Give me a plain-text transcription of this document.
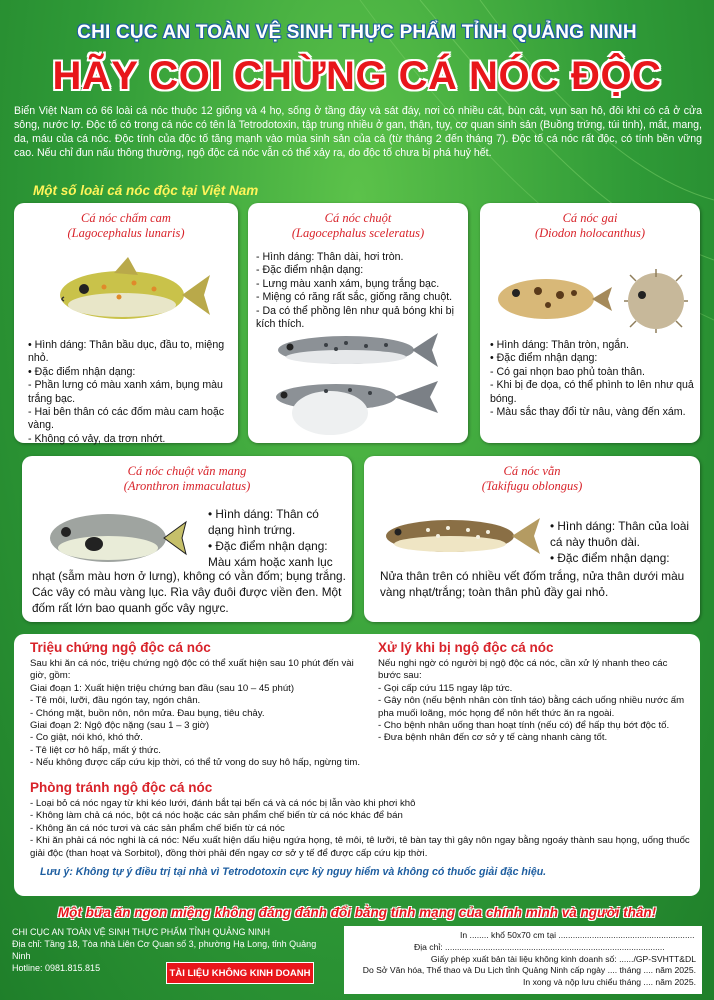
CHI CỤC AN TOÀN VỆ SINH THỰC PHẨM TỈNH QUẢNG NINH
HÃY COI CHỪNG CÁ NÓC ĐỘC
Biển Việt Nam có 66 loài cá nóc thuộc 12 giống và 4 họ, sống ở tầng đáy và sát đáy, nơi có nhiều cát, bùn cát, vụn san hô, đôi khi có cả ở cửa sông, nước lợ. Độc tố có trong cá nóc có tên là Tetrodotoxin, tập trung nhiều ở gan, thận, tụy, cơ quan sinh sản (Buồng trứng, túi tinh), mắt, mang, da, máu của cá nóc. Độc tính của độc tố tăng mạnh vào mùa sinh sản của cá (từ tháng 2 đến tháng 7). Độc tố cá nóc rất độc, có tính bền vững cao. Nếu chỉ đun nấu thông thường, ngộ độc cá nóc vẫn có thể xảy ra, do độc tố chưa bị phá huỷ hết.
Một số loài cá nóc độc tại Việt Nam
Cá nóc chấm cam
(Lagocephalus lunaris)

• Hình dáng: Thân bầu dục, đầu to, miệng nhỏ.

• Đặc điểm nhận dạng:

- Phần lưng có màu xanh xám, bụng màu trắng bạc.

- Hai bên thân có các đốm màu cam hoặc vàng.

- Không có vảy, da trơn nhớt.

Cá nóc chuột
(Lagocephalus sceleratus)

- Hình dáng: Thân dài, hơi tròn.

- Đặc điểm nhận dạng:

- Lưng màu xanh xám, bụng trắng bạc.

- Miệng có răng rất sắc, giống răng chuột.

- Da có thể phồng lên như quả bóng khi bị kích thích.

Cá nóc gai
(Diodon holocanthus)

• Hình dáng: Thân tròn, ngắn.

• Đặc điểm nhận dạng:

- Có gai nhọn bao phủ toàn thân.

- Khi bị đe dọa, có thể phình to lên như quả bóng.

- Màu sắc thay đổi từ nâu, vàng đến xám.

Cá nóc chuột vằn mang
(Aronthron immaculatus)

• Hình dáng: Thân có dạng hình trứng.

• Đặc điểm nhận dạng:

Màu xám hoặc xanh lục

nhạt (sẫm màu hơn ở lưng), không có vằn đốm; bụng trắng. Các vây có màu vàng lục. Rìa vây đuôi được viền đen. Một đốm rất lớn bao quanh gốc vây ngực.
Cá nóc vằn
(Takifugu oblongus)

• Hình dáng: Thân của loài cá này thuôn dài.

• Đặc điểm nhận dạng:

Nửa thân trên có nhiều vết đốm trắng, nửa thân dưới màu vàng nhạt/trắng; toàn thân phủ đầy gai nhỏ.
Triệu chứng ngộ độc cá nóc

Sau khi ăn cá nóc, triệu chứng ngộ độc có thể xuất hiện sau 10 phút đến vài giờ, gồm:

Giai đoạn 1: Xuất hiện triệu chứng ban đầu (sau 10 – 45 phút)

- Tê môi, lưỡi, đầu ngón tay, ngón chân.

- Chóng mặt, buồn nôn, nôn mửa. Đau bụng, tiêu chảy.

Giai đoạn 2: Ngộ độc nặng (sau 1 – 3 giờ)

- Co giật, nói khó, khó thở.

- Tê liệt cơ hô hấp, mất ý thức.

- Nếu không được cấp cứu kịp thời, có thể tử vong do suy hô hấp, ngừng tim.

Xử lý khi bị ngộ độc cá nóc

Nếu nghi ngờ có người bị ngộ độc cá nóc, cần xử lý nhanh theo các bước sau:

- Gọi cấp cứu 115 ngay lập tức.

- Gây nôn (nếu bệnh nhân còn tỉnh táo) bằng cách uống nhiều nước ấm pha muối loãng, móc họng để nôn hết thức ăn ra ngoài.

- Cho bệnh nhân uống than hoạt tính (nếu có) để hấp thụ bớt độc tố.

- Đưa bệnh nhân đến cơ sở y tế càng nhanh càng tốt.

Phòng tránh ngộ độc cá nóc

- Loại bỏ cá nóc ngay từ khi kéo lưới, đánh bắt tại bến cá và cá nóc bị lẫn vào khi phơi khô

- Không làm chả cá nóc, bột cá nóc hoặc các sản phẩm chế biến từ cá nóc khác để bán

- Không ăn cá nóc tươi và các sản phẩm chế biến từ cá nóc

- Khi ăn phải cá nóc nghi là cá nóc: Nếu xuất hiện dấu hiệu ngứa họng, tê môi, tê lưỡi, tê bàn tay thì gây nôn ngay bằng ngoáy thành sau họng, uống thuốc giải độc (than hoạt và Sorbitol), đồng thời phải đến ngay cơ sở y tế để được cấp cứu kịp thời.

Lưu ý: Không tự ý điều trị tại nhà vì Tetrodotoxin cực kỳ nguy hiểm và không có thuốc giải đặc hiệu.
Một bữa ăn ngon miệng không đáng đánh đổi bằng tính mạng của chính mình và người thân!
CHI CỤC AN TOÀN VỆ SINH THỰC PHẨM TỈNH QUẢNG NINH
Địa chỉ: Tầng 18, Tòa nhà Liên Cơ Quan số 3, phường Hạ Long, tỉnh Quảng Ninh
Hotline: 0981.815.815	TÀI LIỆU KHÔNG KINH DOANH
In ........ khổ 50x70 cm tại .........................................................
Địa chỉ: ............................................................................................
Giấy phép xuất bản tài liệu không kinh doanh số: ....../GP-SVHTT&DL
Do Sở Văn hóa, Thể thao và Du Lịch tỉnh Quảng Ninh cấp ngày .... tháng .... năm 2025.
In xong và nộp lưu chiểu tháng .... năm 2025.
